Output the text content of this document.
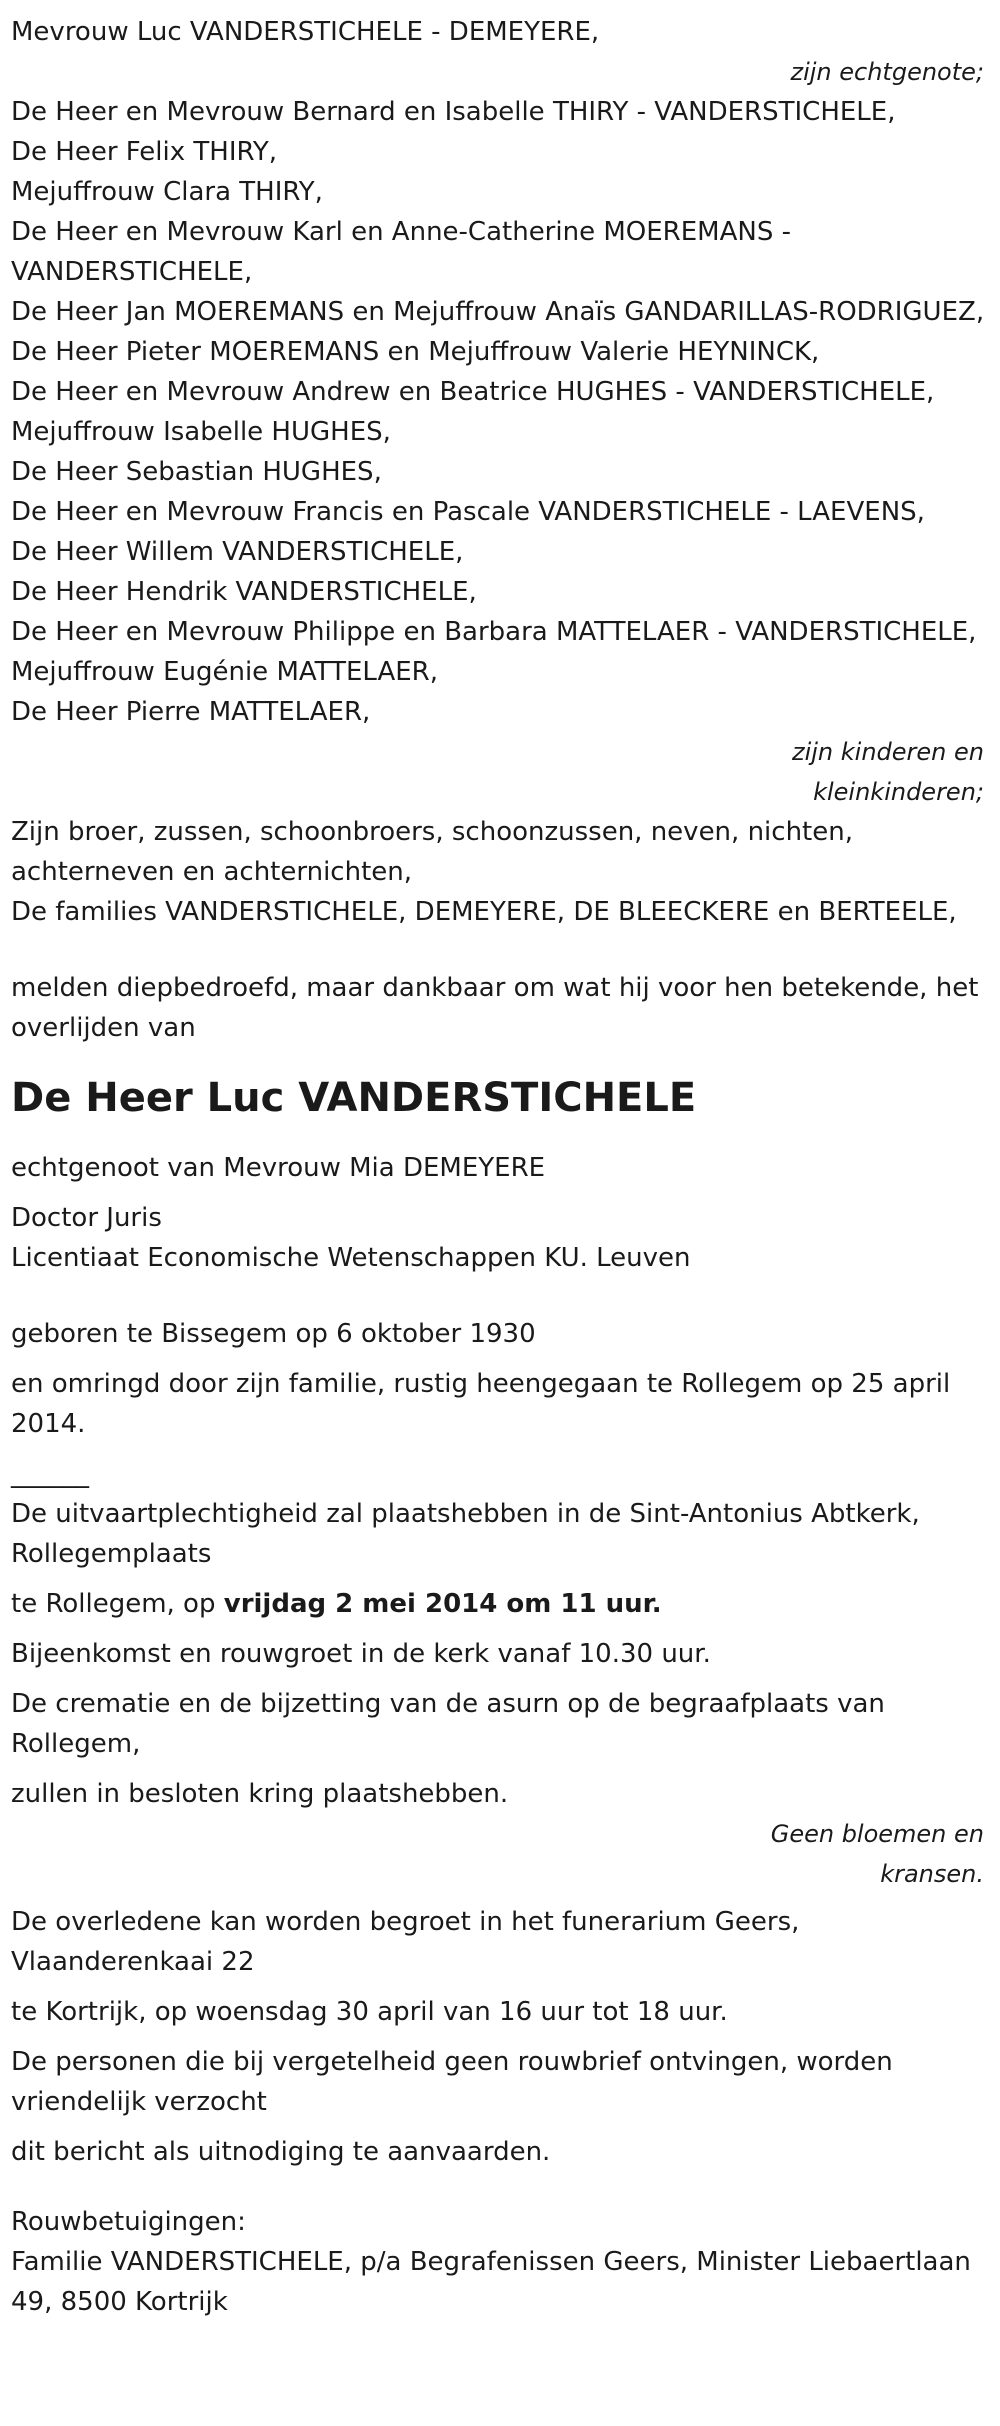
Mevrouw Luc VANDERSTICHELE - DEMEYERE,

zijn echtgenote;

De Heer en Mevrouw Bernard en Isabelle THIRY - VANDERSTICHELE,

De Heer Felix THIRY,

Mejuffrouw Clara THIRY,

De Heer en Mevrouw Karl en Anne-Catherine MOEREMANS - VANDERSTICHELE,

De Heer Jan MOEREMANS en Mejuffrouw Anaïs GANDARILLAS-RODRIGUEZ,

De Heer Pieter MOEREMANS en Mejuffrouw Valerie HEYNINCK,

De Heer en Mevrouw Andrew en Beatrice HUGHES - VANDERSTICHELE,

Mejuffrouw Isabelle HUGHES,

De Heer Sebastian HUGHES,

De Heer en Mevrouw Francis en Pascale VANDERSTICHELE - LAEVENS,

De Heer Willem VANDERSTICHELE,

De Heer Hendrik VANDERSTICHELE,

De Heer en Mevrouw Philippe en Barbara MATTELAER - VANDERSTICHELE,

Mejuffrouw Eugénie MATTELAER,

De Heer Pierre MATTELAER,

zijn kinderen en

kleinkinderen;

Zijn broer, zussen, schoonbroers, schoonzussen, neven, nichten, achterneven en achternichten,

De families VANDERSTICHELE, DEMEYERE, DE BLEECKERE en BERTEELE,

melden diepbedroefd, maar dankbaar om wat hij voor hen betekende, het overlijden van

De Heer Luc VANDERSTICHELE

echtgenoot van Mevrouw Mia DEMEYERE

Doctor Juris

Licentiaat Economische Wetenschappen KU. Leuven

geboren te Bissegem op 6 oktober 1930

en omringd door zijn familie, rustig heengegaan te Rollegem op 25 april 2014.

______

De uitvaartplechtigheid zal plaatshebben in de Sint-Antonius Abtkerk, Rollegemplaats

te Rollegem, op vrijdag 2 mei 2014 om 11 uur.

Bijeenkomst en rouwgroet in de kerk vanaf 10.30 uur.

De crematie en de bijzetting van de asurn op de begraafplaats van Rollegem,

zullen in besloten kring plaatshebben.

Geen bloemen en

kransen.

De overledene kan worden begroet in het funerarium Geers, Vlaanderenkaai 22

te Kortrijk, op woensdag 30 april van 16 uur tot 18 uur.

De personen die bij vergetelheid geen rouwbrief ontvingen, worden vriendelijk verzocht

dit bericht als uitnodiging te aanvaarden.

Rouwbetuigingen:

Familie VANDERSTICHELE, p/a Begrafenissen Geers, Minister Liebaertlaan 49, 8500 Kortrijk
